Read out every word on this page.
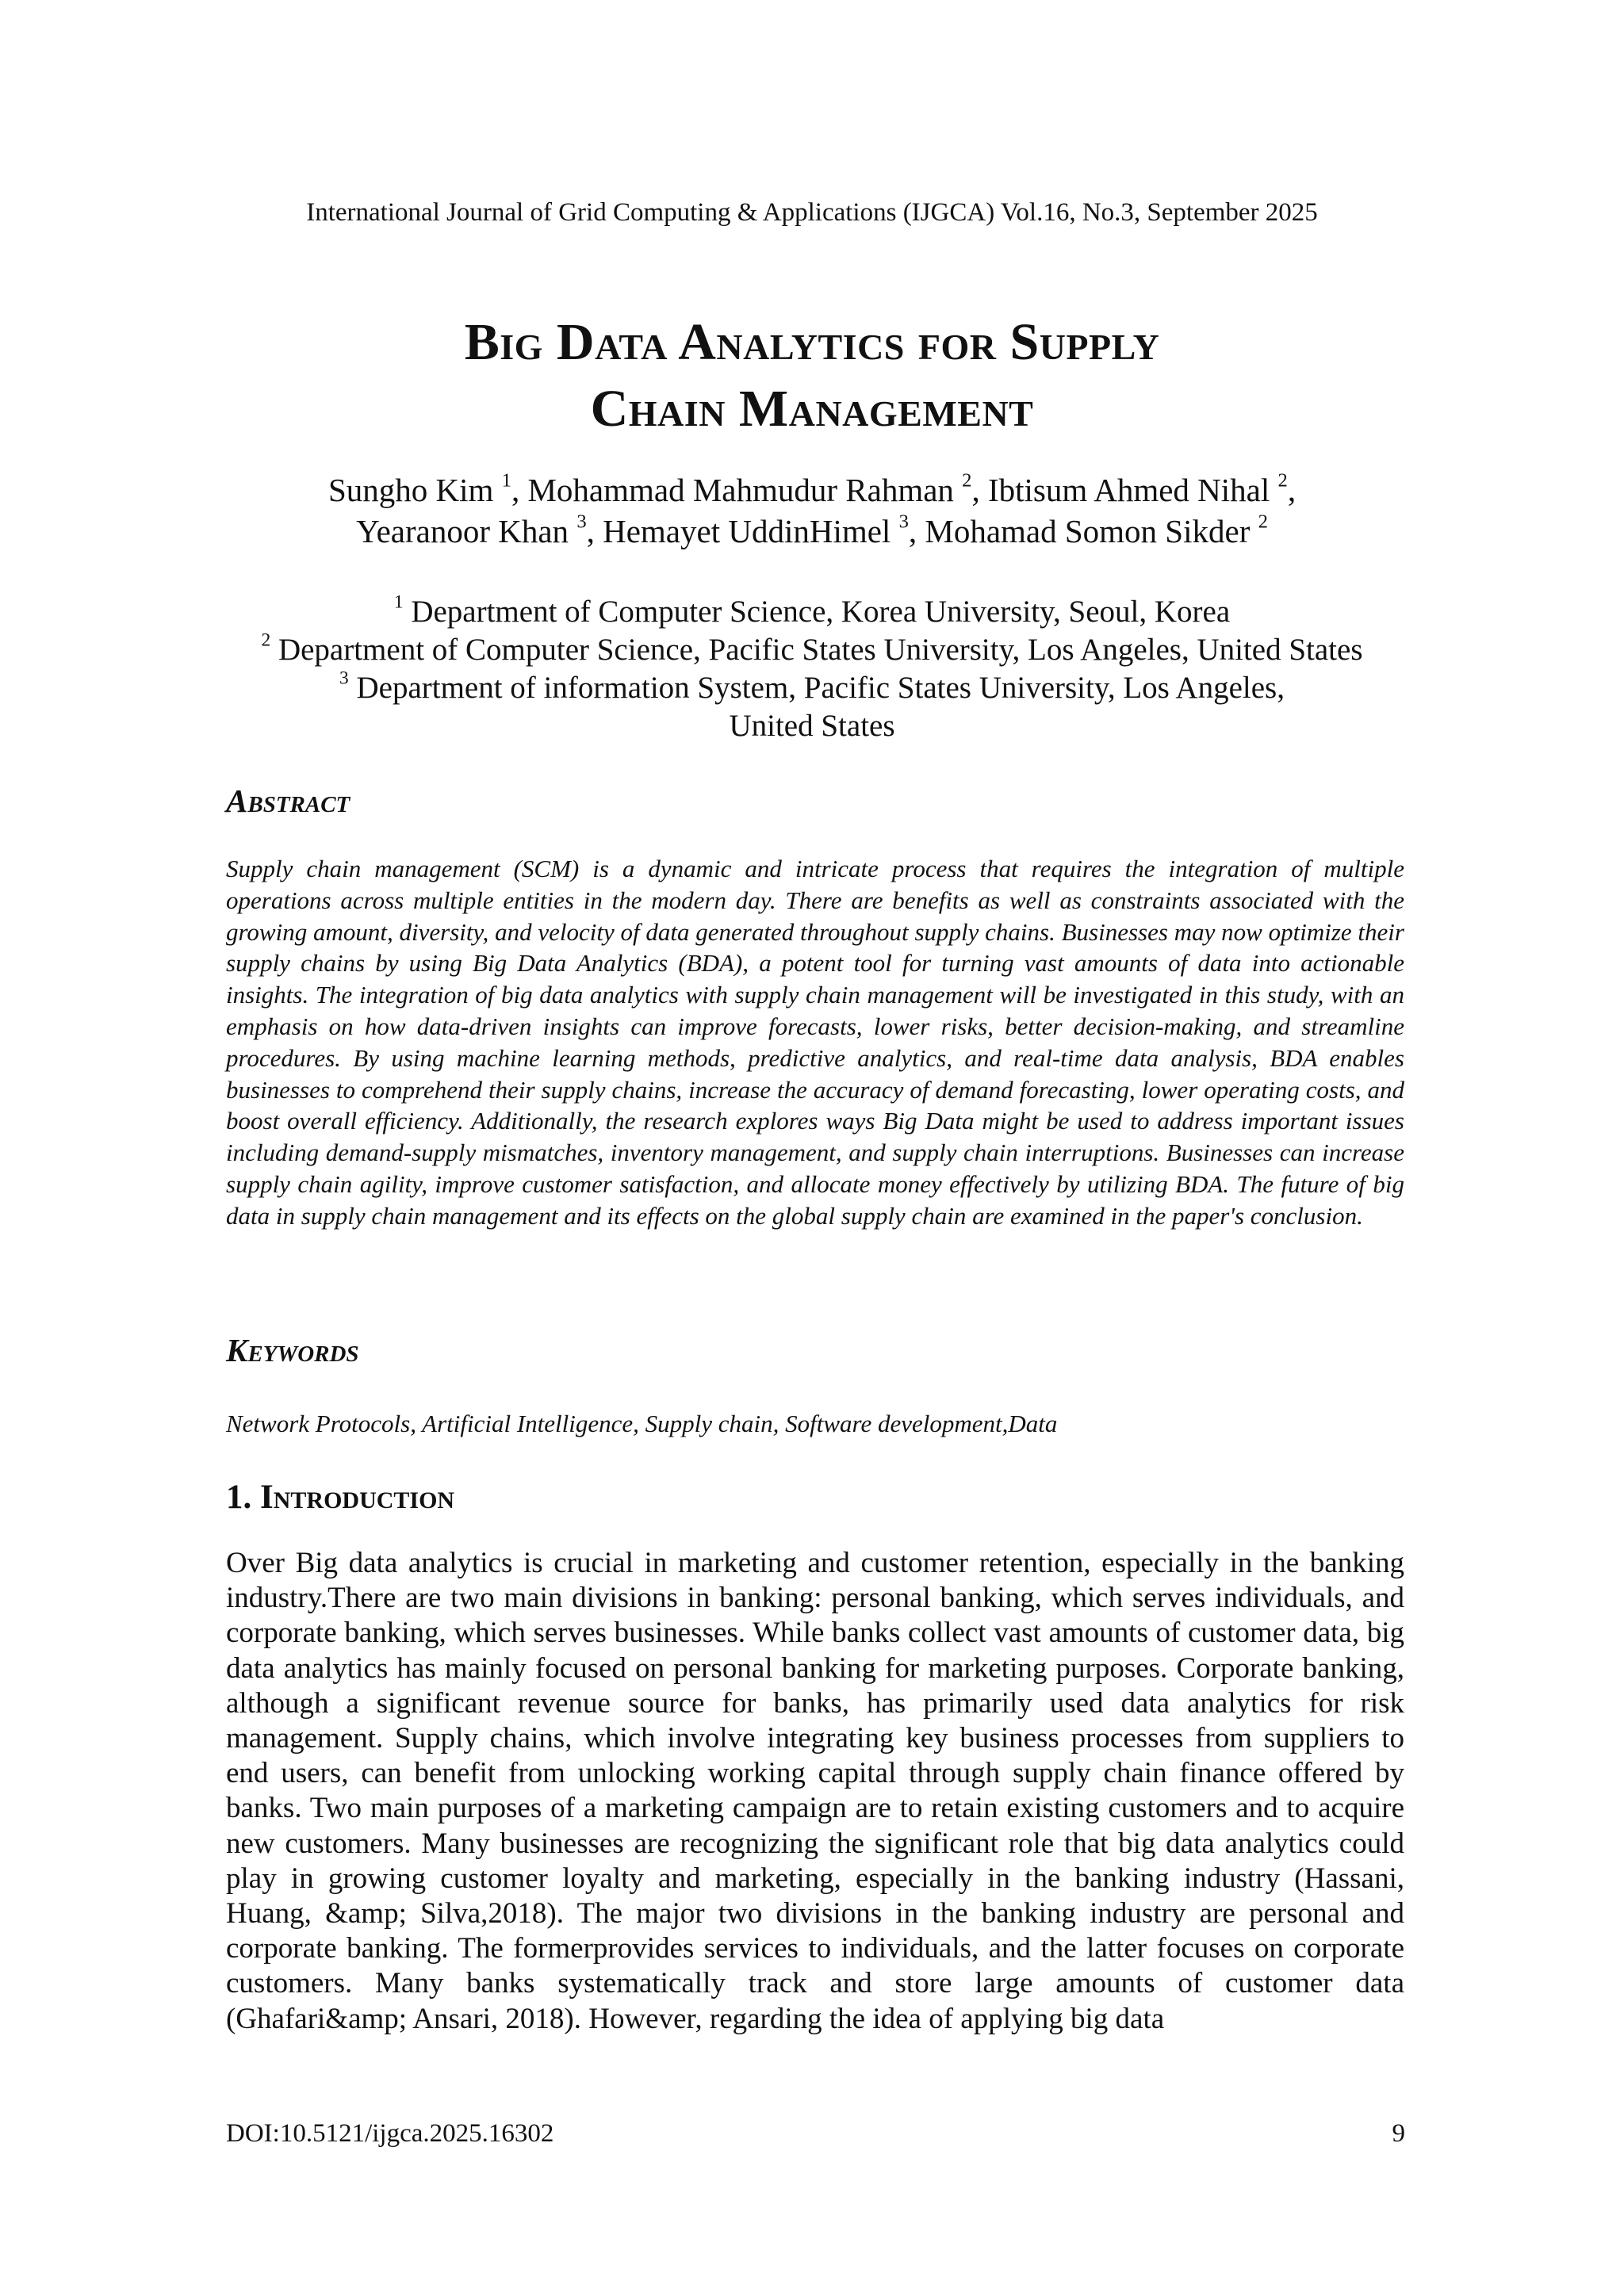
International Journal of Grid Computing & Applications (IJGCA) Vol.16, No.3, September 2025
Big Data Analytics for Supply
Chain Management
Sungho Kim $^1$, Mohammad Mahmudur Rahman $^2$, Ibtisum Ahmed Nihal $^2$,
Yearanoor Khan $^3$, Hemayet UddinHimel $^3$, Mohamad Somon Sikder $^2$
$^1$ Department of Computer Science, Korea University, Seoul, Korea
$^2$ Department of Computer Science, Pacific States University, Los Angeles, United States
$^3$ Department of information System, Pacific States University, Los Angeles,
United States
Abstract
Supply chain management (SCM) is a dynamic and intricate process that requires the integration of multiple operations across multiple entities in the modern day. There are benefits as well as constraints associated with the growing amount, diversity, and velocity of data generated throughout supply chains. Businesses may now optimize their supply chains by using Big Data Analytics (BDA), a potent tool for turning vast amounts of data into actionable insights. The integration of big data analytics with supply chain management will be investigated in this study, with an emphasis on how data-driven insights can improve forecasts, lower risks, better decision-making, and streamline procedures. By using machine learning methods, predictive analytics, and real-time data analysis, BDA enables businesses to comprehend their supply chains, increase the accuracy of demand forecasting, lower operating costs, and boost overall efficiency. Additionally, the research explores ways Big Data might be used to address important issues including demand-supply mismatches, inventory management, and supply chain interruptions. Businesses can increase supply chain agility, improve customer satisfaction, and allocate money effectively by utilizing BDA. The future of big data in supply chain management and its effects on the global supply chain are examined in the paper's conclusion.
Keywords
Network Protocols, Artificial Intelligence, Supply chain, Software development,Data
1. Introduction
Over Big data analytics is crucial in marketing and customer retention, especially in the banking industry.There are two main divisions in banking: personal banking, which serves individuals, and corporate banking, which serves businesses. While banks collect vast amounts of customer data, big data analytics has mainly focused on personal banking for marketing purposes. Corporate banking, although a significant revenue source for banks, has primarily used data analytics for risk management. Supply chains, which involve integrating key business processes from suppliers to end users, can benefit from unlocking working capital through supply chain finance offered by banks. Two main purposes of a marketing campaign are to retain existing customers and to acquire new customers. Many businesses are recognizing the significant role that big data analytics could play in growing customer loyalty and marketing, especially in the banking industry (Hassani, Huang, &amp; Silva,2018). The major two divisions in the banking industry are personal and corporate banking. The formerprovides services to individuals, and the latter focuses on corporate customers. Many banks systematically track and store large amounts of customer data (Ghafari&amp; Ansari, 2018). However, regarding the idea of applying big data
DOI:10.5121/ijgca.2025.16302	9
